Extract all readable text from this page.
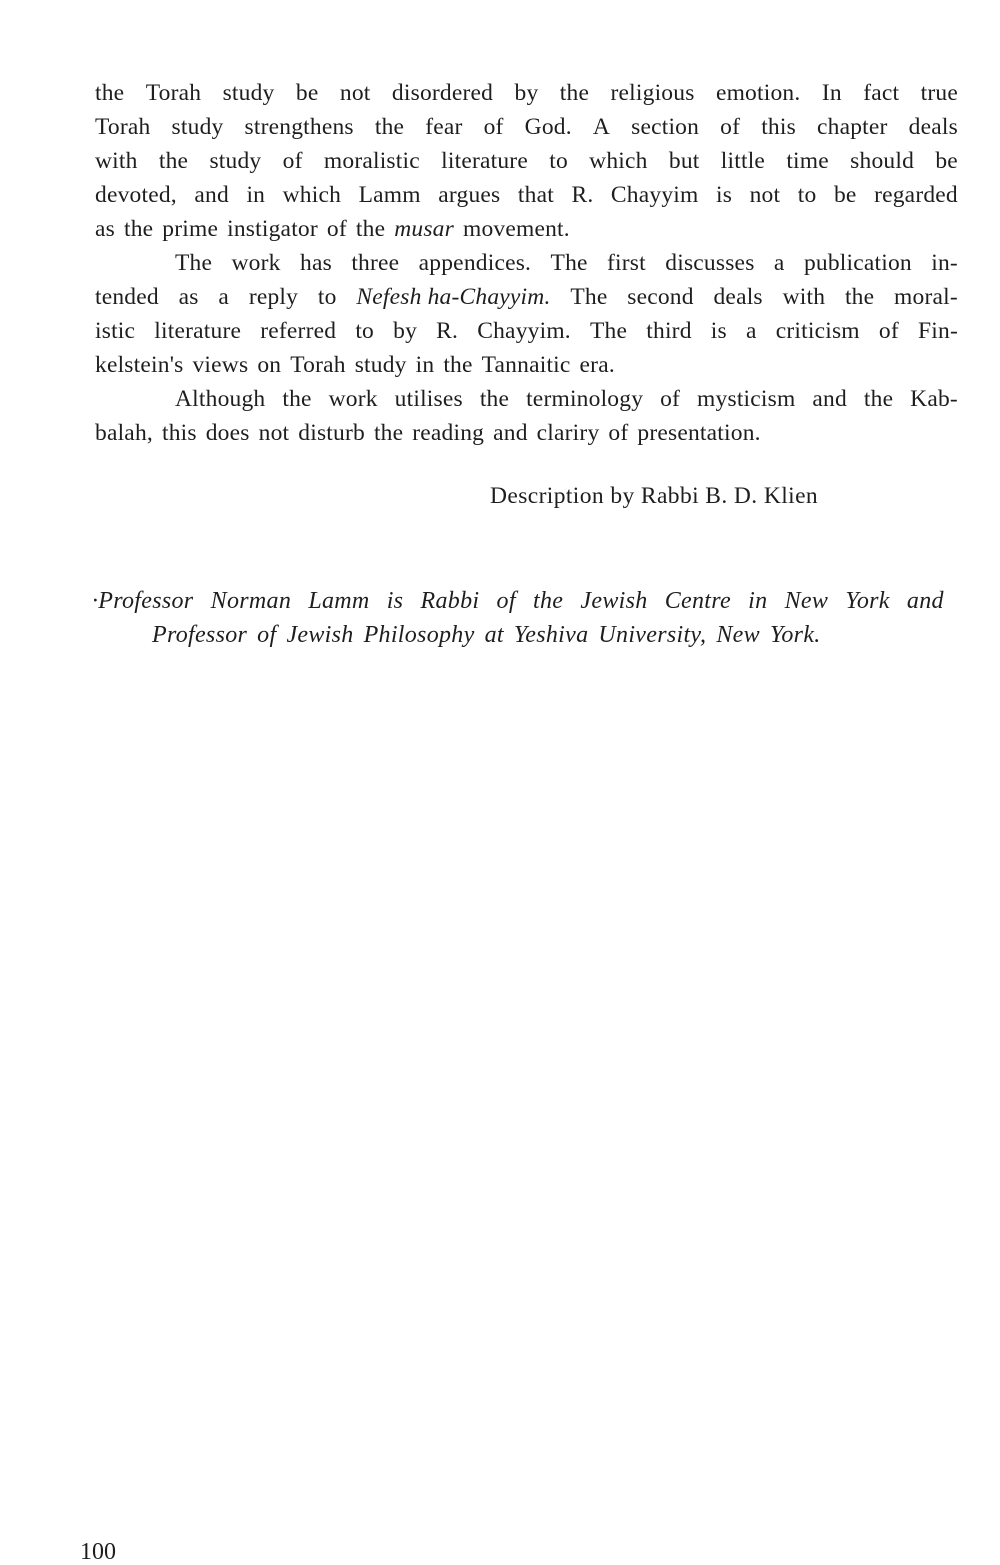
the Torah study be not disordered by the religious emotion. In fact true
Torah study strengthens the fear of God. A section of this chapter deals
with the study of moralistic literature to which but little time should be
devoted, and in which Lamm argues that R. Chayyim is not to be regarded
as the prime instigator of the musar movement.
The work has three appendices. The first discusses a publication in-
tended as a reply to Nefesh ha-Chayyim. The second deals with the moral-
istic literature referred to by R. Chayyim. The third is a criticism of Fin-
kelstein's views on Torah study in the Tannaitic era.
Although the work utilises the terminology of mysticism and the Kab-
balah, this does not disturb the reading and clariry of presentation.
Description by Rabbi B. D. Klien
·Professor Norman Lamm is Rabbi of the Jewish Centre in New York and
Professor of Jewish Philosophy at Yeshiva University, New York.
100
